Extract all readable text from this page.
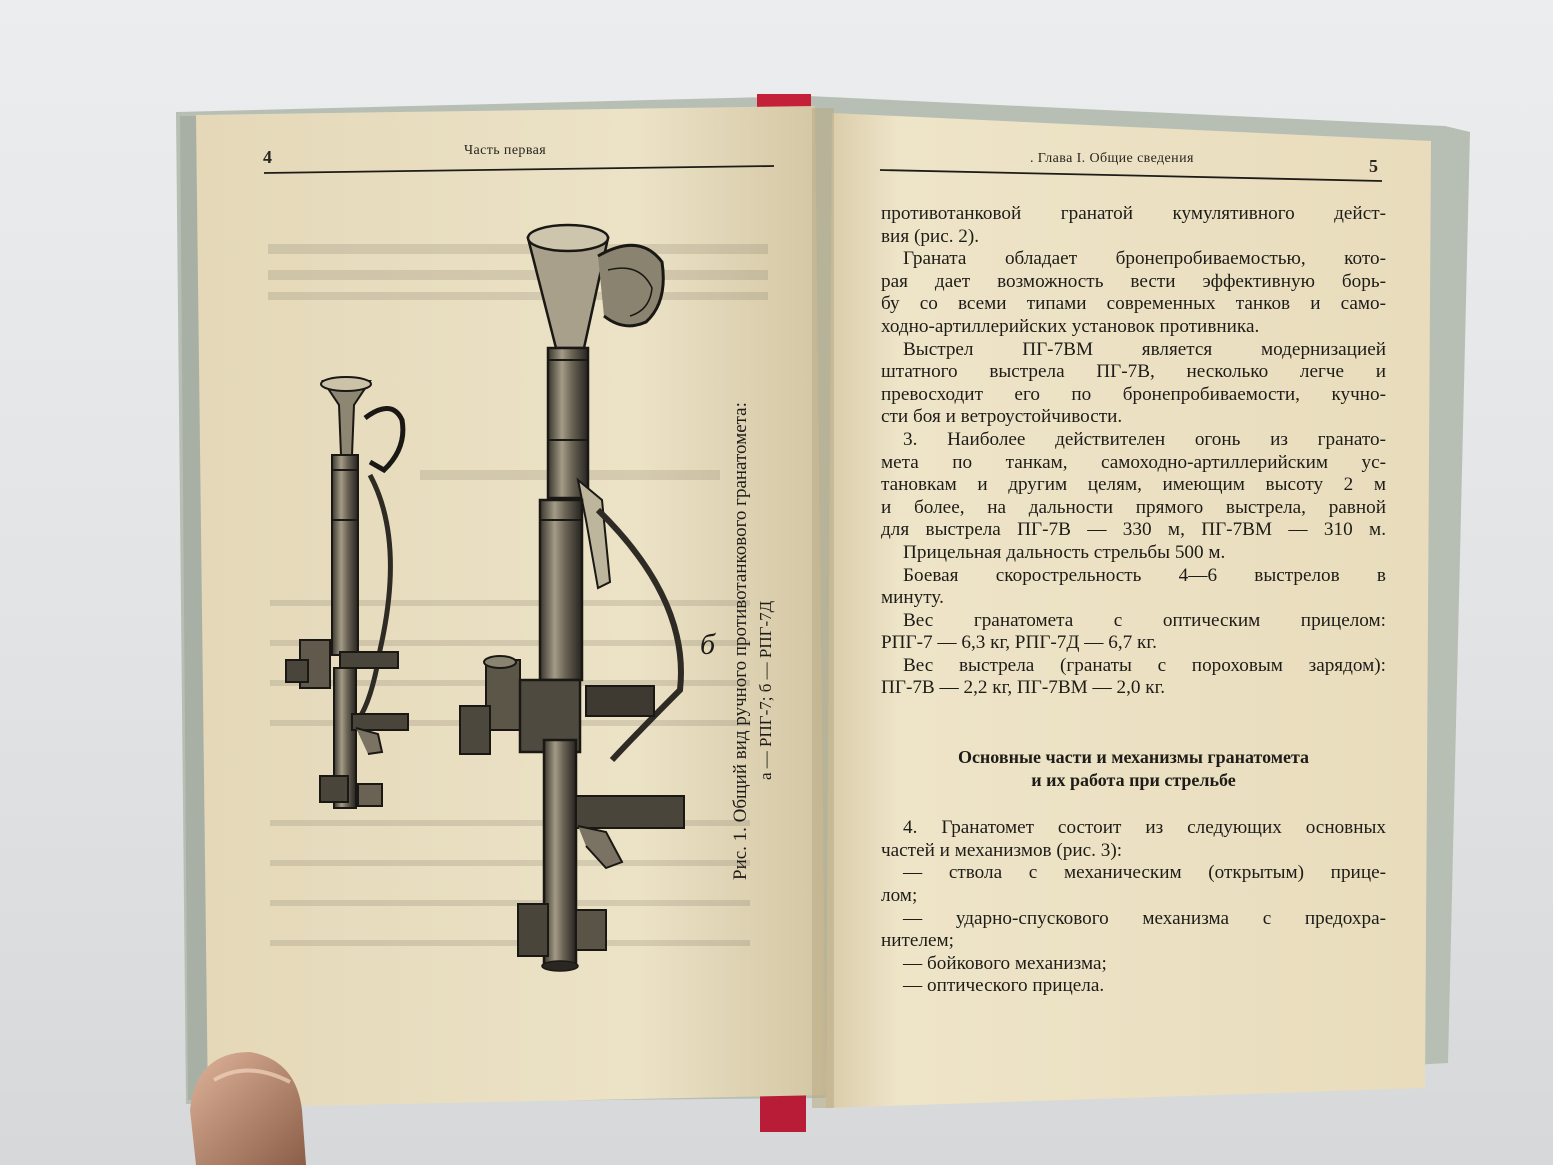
4	Часть первая
б Рис. 1. Общий вид ручного противотанкового гранатомета: а — РПГ-7; б — РПГ-7Д
. Глава I. Общие сведения	5
противотанковой гранатой кумулятивного дейст-
вия (рис. 2).
Граната обладает бронепробиваемостью, кото-
рая дает возможность вести эффективную борь-
бу со всеми типами современных танков и само-
ходно-артиллерийских установок противника.
Выстрел ПГ-7ВМ является модернизацией
штатного выстрела ПГ-7В, несколько легче и
превосходит его по бронепробиваемости, кучно-
сти боя и ветроустойчивости.
3. Наиболее действителен огонь из гранато-
мета по танкам, самоходно-артиллерийским ус-
тановкам и другим целям, имеющим высоту 2 м
и более, на дальности прямого выстрела, равной
для выстрела ПГ-7В — 330 м, ПГ-7ВМ — 310 м.
Прицельная дальность стрельбы 500 м.
Боевая скорострельность 4—6 выстрелов в
минуту.
Вес гранатомета с оптическим прицелом:
РПГ-7 — 6,3 кг, РПГ-7Д — 6,7 кг.
Вес выстрела (гранаты с пороховым зарядом):
ПГ-7В — 2,2 кг, ПГ-7ВМ — 2,0 кг.
Основные части и механизмы гранатомета
и их работа при стрельбе
4. Гранатомет состоит из следующих основных
частей и механизмов (рис. 3):
— ствола с механическим (открытым) прице-
лом;
— ударно-спускового механизма с предохра-
нителем;
— бойкового механизма;
— оптического прицела.
